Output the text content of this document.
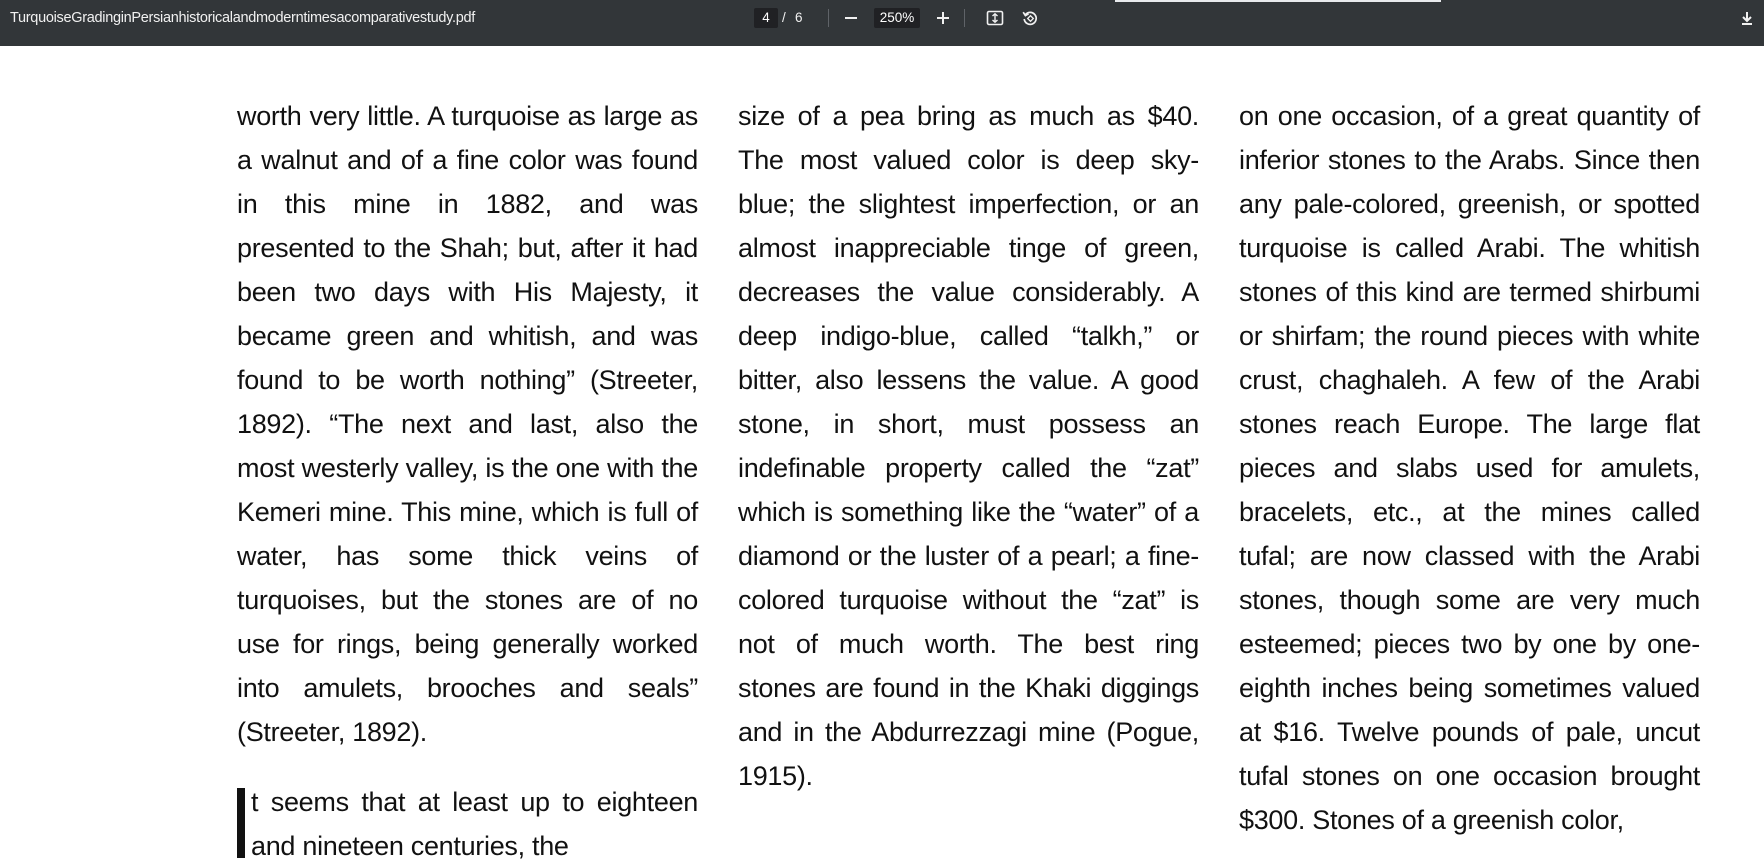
TurquoiseGradinginPersianhistoricalandmoderntimesacomparativestudy.pdf	4 / 6	250%

worth very little. A turquoise as large as a walnut and of a fine color was found in this mine in 1882, and was presented to the Shah; but, after it had been two days with His Majesty, it became green and whitish, and was found to be worth nothing” (Streeter, 1892). “The next and last, also the most westerly valley, is the one with the Kemeri mine. This mine, which is full of water, has some thick veins of turquoises, but the stones are of no use for rings, being generally worked into amulets, brooches and seals” (Streeter, 1892).

t seems that at least up to eighteen and nineteen centuries, the

size of a pea bring as much as $40. The most valued color is deep sky-blue; the slightest imperfection, or an almost inappreciable tinge of green, decreases the value considerably. A deep indigo-blue, called “talkh,” or bitter, also lessens the value. A good stone, in short, must possess an indefinable property called the “zat” which is something like the “water” of a diamond or the luster of a pearl; a fine-colored turquoise without the “zat” is not of much worth. The best ring stones are found in the Khaki diggings and in the Abdurrezzagi mine (Pogue, 1915).

on one occasion, of a great quantity of inferior stones to the Arabs. Since then any pale-colored, greenish, or spotted turquoise is called Arabi. The whitish stones of this kind are termed shirbumi or shirfam; the round pieces with white crust, chaghaleh. A few of the Arabi stones reach Europe. The large flat pieces and slabs used for amulets, bracelets, etc., at the mines called tufal; are now classed with the Arabi stones, though some are very much esteemed; pieces two by one by one-eighth inches being sometimes valued at $16. Twelve pounds of pale, uncut tufal stones on one occasion brought $300. Stones of a greenish color,
